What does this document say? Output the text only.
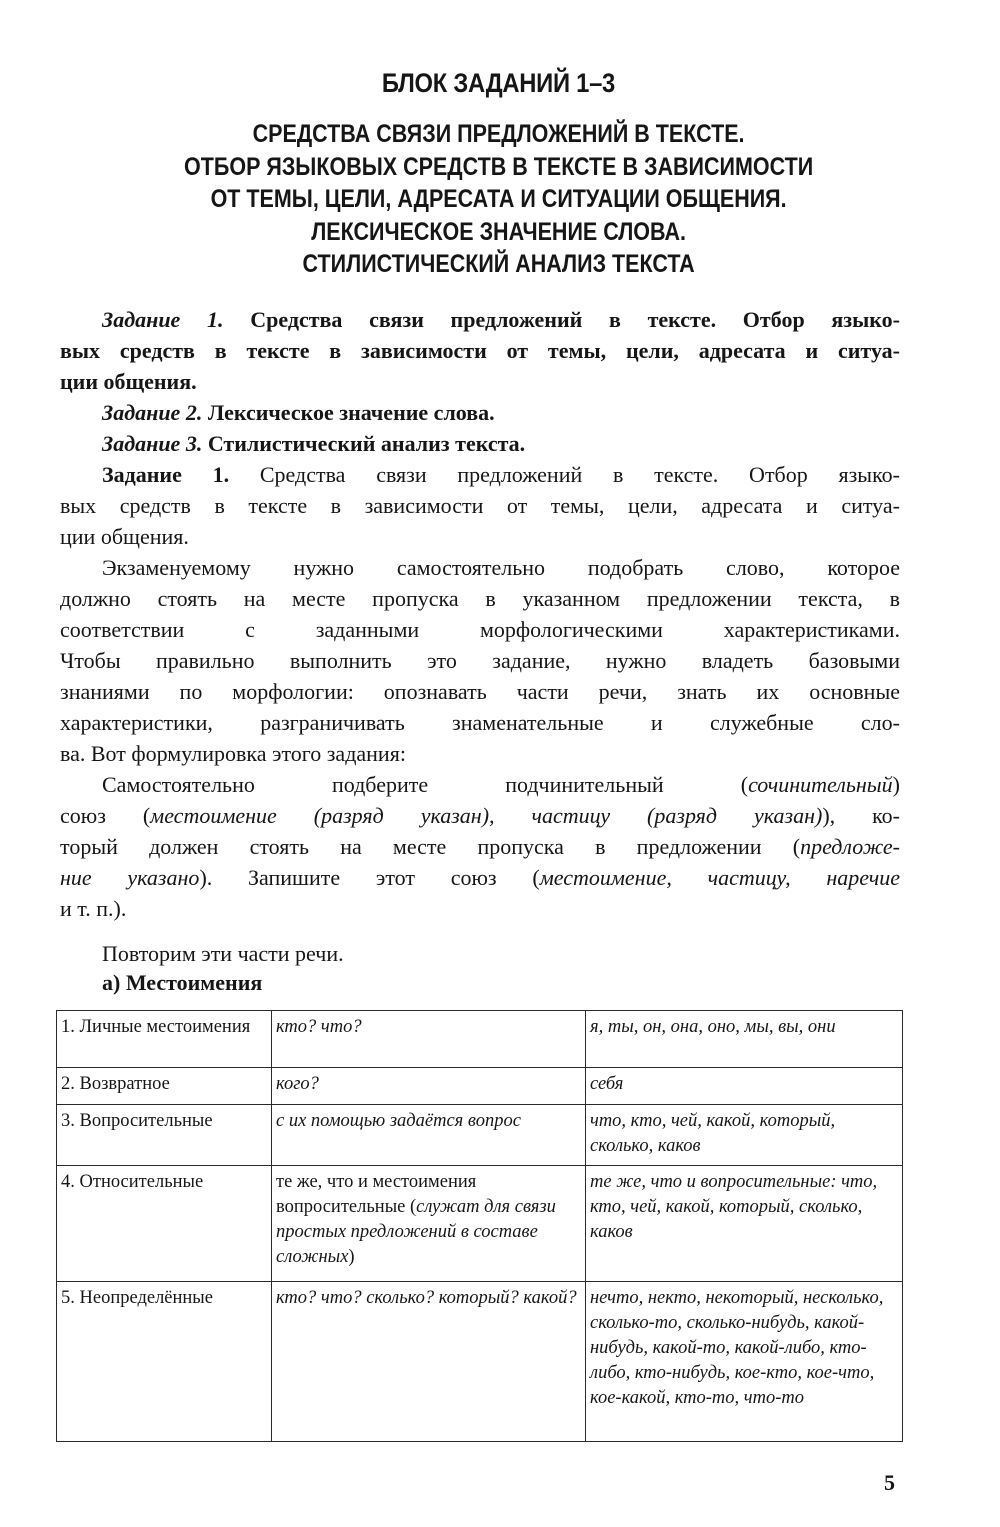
БЛОК ЗАДАНИЙ 1–3
СРЕДСТВА СВЯЗИ ПРЕДЛОЖЕНИЙ В ТЕКСТЕ.
ОТБОР ЯЗЫКОВЫХ СРЕДСТВ В ТЕКСТЕ В ЗАВИСИМОСТИ
ОТ ТЕМЫ, ЦЕЛИ, АДРЕСАТА И СИТУАЦИИ ОБЩЕНИЯ.
ЛЕКСИЧЕСКОЕ ЗНАЧЕНИЕ СЛОВА.
СТИЛИСТИЧЕСКИЙ АНАЛИЗ ТЕКСТА
Задание 1. Средства связи предложений в тексте. Отбор языко-
вых средств в тексте в зависимости от темы, цели, адресата и ситуа-
ции общения.
Задание 2. Лексическое значение слова.
Задание 3. Стилистический анализ текста.
Задание 1. Средства связи предложений в тексте. Отбор языко-
вых средств в тексте в зависимости от темы, цели, адресата и ситуа-
ции общения.
Экзаменуемому нужно самостоятельно подобрать слово, которое
должно стоять на месте пропуска в указанном предложении текста, в
соответствии с заданными морфологическими характеристиками.
Чтобы правильно выполнить это задание, нужно владеть базовыми
знаниями по морфологии: опознавать части речи, знать их основные
характеристики, разграничивать знаменательные и служебные сло-
ва. Вот формулировка этого задания:
Самостоятельно подберите подчинительный (сочинительный)
союз (местоимение (разряд указан), частицу (разряд указан)), ко-
торый должен стоять на месте пропуска в предложении (предложе-
ние указано). Запишите этот союз (местоимение, частицу, наречие
и т. п.).
Повторим эти части речи.
а) Местоимения
1. Личные местоимения	кто? что?	я, ты, он, она, оно, мы, вы, они
2. Возвратное	кого?	себя
3. Вопросительные	с их помощью задаётся вопрос	что, кто, чей, какой, который, сколько, каков
4. Относительные	те же, что и местоимения вопросительные (служат для связи простых предложений в составе сложных)	те же, что и вопросительные: что, кто, чей, какой, который, сколько, каков
5. Неопределённые	кто? что? сколько? который? какой?	нечто, некто, некоторый, несколько, сколько-то, сколько-нибудь, какой-нибудь, какой-то, какой-либо, кто-либо, кто-нибудь, кое-кто, кое-что, кое-какой, кто-то, что-то
5
